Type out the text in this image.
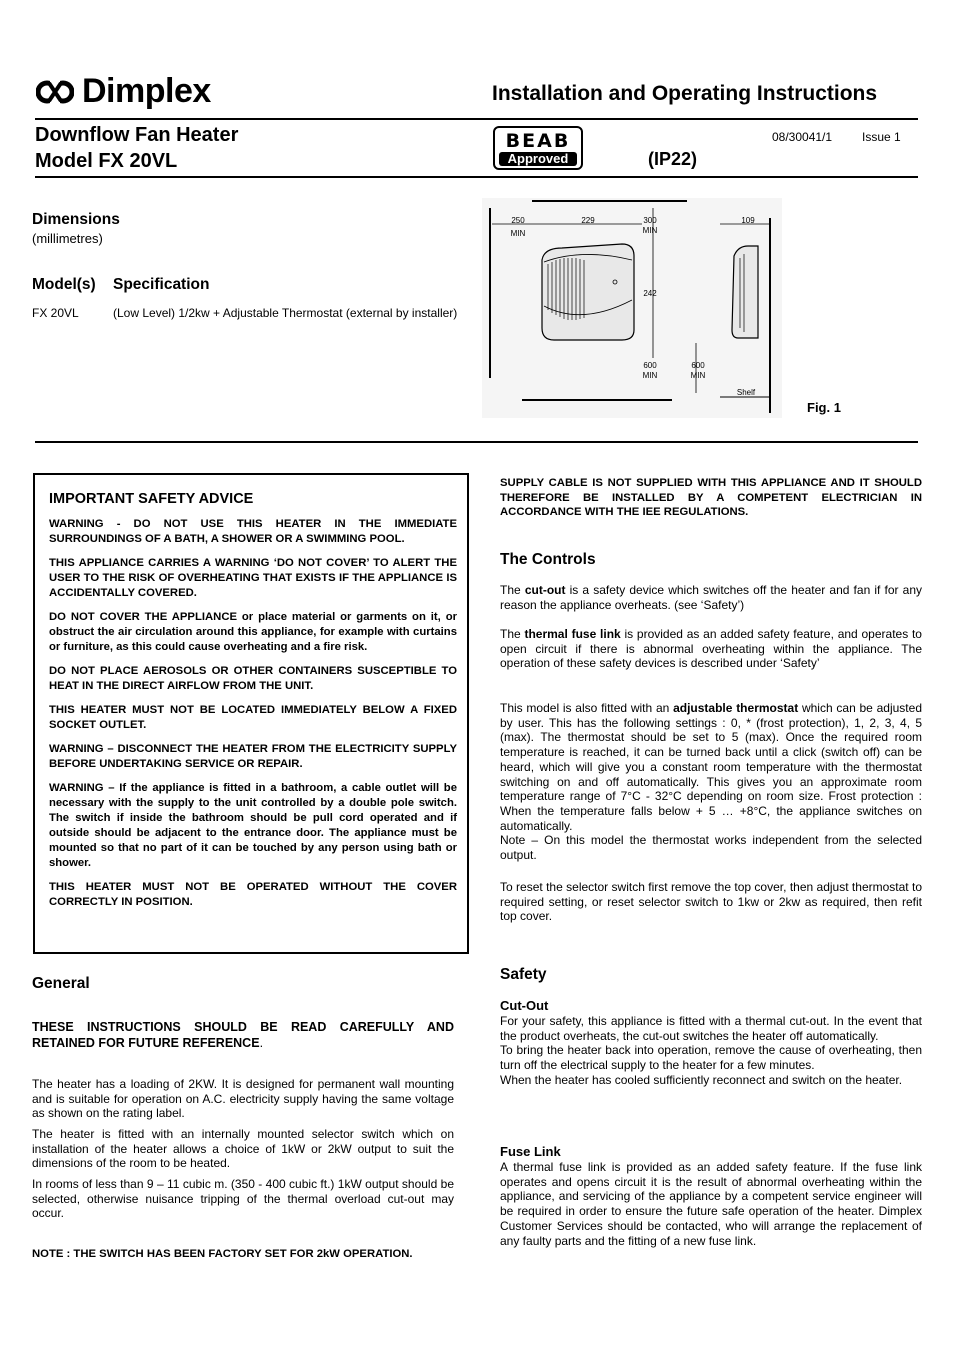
Dimplex	Installation and Operating Instructions
Downflow Fan Heater
Model FX 20VL
BEAB
Approved	(IP22)
08/30041/1 Issue 1
Dimensions
(millimetres)
Model(s) Specification
FX 20VL	(Low Level) 1/2kw + Adjustable Thermostat (external by installer)
250
MIN
229	300
MIN
242
600
MIN
600
MIN
109
Shelf
Fig. 1
IMPORTANT SAFETY ADVICE

WARNING - DO NOT USE THIS HEATER IN THE IMMEDIATE SURROUNDINGS OF A BATH, A SHOWER OR A SWIMMING POOL.

THIS APPLIANCE CARRIES A WARNING ‘DO NOT COVER’ TO ALERT THE USER TO THE RISK OF OVERHEATING THAT EXISTS IF THE APPLIANCE IS ACCIDENTALLY COVERED.

DO NOT COVER THE APPLIANCE or place material or garments on it, or obstruct the air circulation around this appliance, for example with curtains or furniture, as this could cause overheating and a fire risk.

DO NOT PLACE AEROSOLS OR OTHER CONTAINERS SUSCEPTIBLE TO HEAT IN THE DIRECT AIRFLOW FROM THE UNIT.

THIS HEATER MUST NOT BE LOCATED IMMEDIATELY BELOW A FIXED SOCKET OUTLET.

WARNING – DISCONNECT THE HEATER FROM THE ELECTRICITY SUPPLY BEFORE UNDERTAKING SERVICE OR REPAIR.

WARNING – If the appliance is fitted in a bathroom, a cable outlet will be necessary with the supply to the unit controlled by a double pole switch. The switch if inside the bathroom should be pull cord operated and if outside should be adjacent to the entrance door. The appliance must be mounted so that no part of it can be touched by any person using bath or shower.

THIS HEATER MUST NOT BE OPERATED WITHOUT THE COVER CORRECTLY IN POSITION.

General

THESE INSTRUCTIONS SHOULD BE READ CAREFULLY AND RETAINED FOR FUTURE REFERENCE.

The heater has a loading of 2KW. It is designed for permanent wall mounting and is suitable for operation on A.C. electricity supply having the same voltage as shown on the rating label.
The heater is fitted with an internally mounted selector switch which on installation of the heater allows a choice of 1kW or 2kW output to suit the dimensions of the room to be heated.
In rooms of less than 9 – 11 cubic m. (350 - 400 cubic ft.) 1kW output should be selected, otherwise nuisance tripping of the thermal overload cut-out may occur.
NOTE : THE SWITCH HAS BEEN FACTORY SET FOR 2kW OPERATION.
SUPPLY CABLE IS NOT SUPPLIED WITH THIS APPLIANCE AND IT SHOULD THEREFORE BE INSTALLED BY A COMPETENT ELECTRICIAN IN ACCORDANCE WITH THE IEE REGULATIONS.
The Controls

The cut-out is a safety device which switches off the heater and fan if for any reason the appliance overheats. (see ‘Safety’)

The thermal fuse link is provided as an added safety feature, and operates to open circuit if there is abnormal overheating within the appliance. The operation of these safety devices is described under ‘Safety’

This model is also fitted with an adjustable thermostat which can be adjusted by user. This has the following settings : 0, * (frost protection), 1, 2, 3, 4, 5 (max). The thermostat should be set to 5 (max). Once the required room temperature is reached, it can be turned back until a click (switch off) can be heard, which will give you a constant room temperature with the thermostat switching on and off automatically. This gives you an approximate room temperature range of 7°C - 32°C depending on room size. Frost protection : When the temperature falls below + 5 … +8°C, the appliance switches on automatically.

Note – On this model the thermostat works independent from the selected output.

To reset the selector switch first remove the top cover, then adjust thermostat to required setting, or reset selector switch to 1kw or 2kw as required, then refit top cover.
Safety
Cut-Out

For your safety, this appliance is fitted with a thermal cut-out. In the event that the product overheats, the cut-out switches the heater off automatically.

To bring the heater back into operation, remove the cause of overheating, then turn off the electrical supply to the heater for a few minutes.

When the heater has cooled sufficiently reconnect and switch on the heater.

Fuse Link
A thermal fuse link is provided as an added safety feature. If the fuse link operates and opens circuit it is the result of abnormal overheating within the appliance, and servicing of the appliance by a competent service engineer will be required in order to ensure the future safe operation of the heater. Dimplex Customer Services should be contacted, who will arrange the replacement of any faulty parts and the fitting of a new fuse link.
